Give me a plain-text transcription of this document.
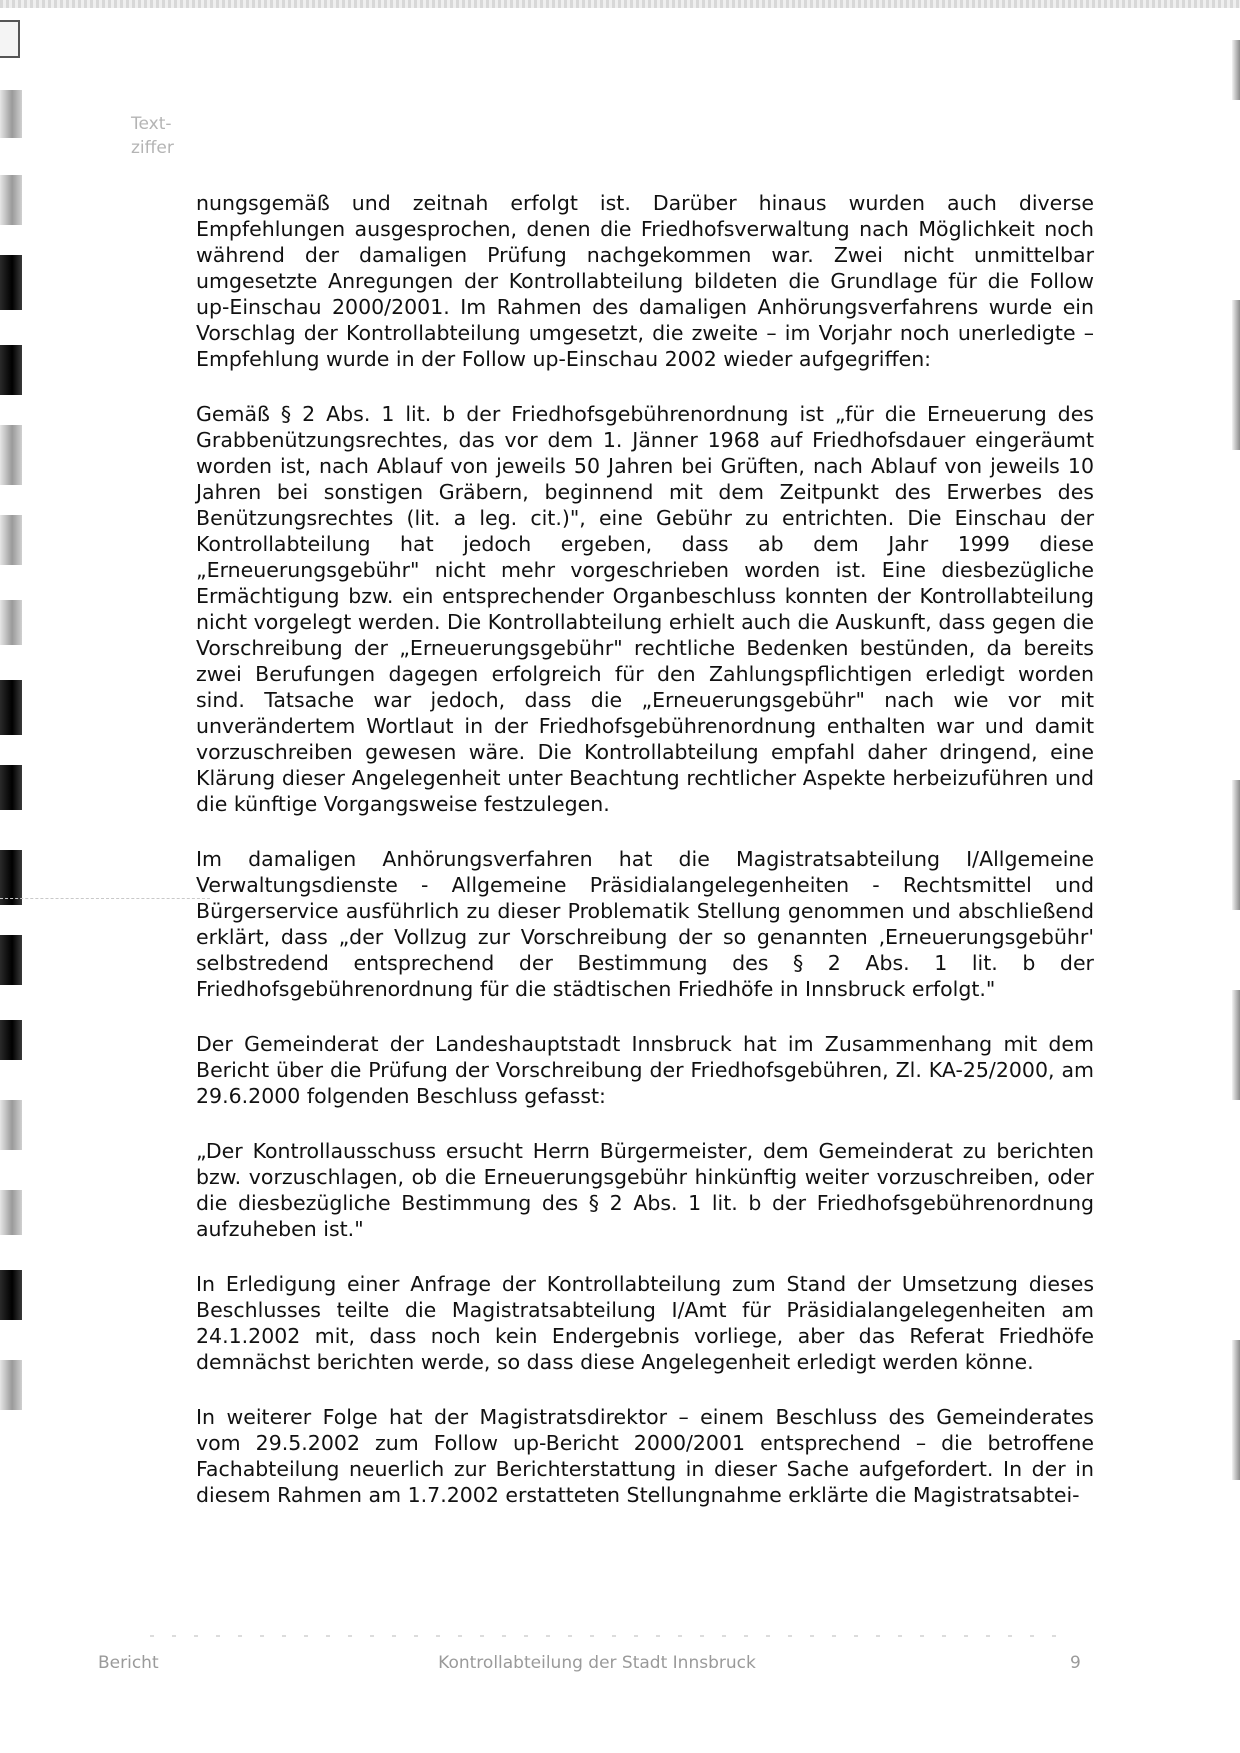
Text-
ziffer

nungsgemäß und zeitnah erfolgt ist. Darüber hinaus wurden auch diverse Empfehlungen ausgesprochen, denen die Friedhofsverwaltung nach Möglichkeit noch während der damaligen Prüfung nachgekommen war. Zwei nicht unmittelbar umgesetzte Anregungen der Kontrollabteilung bildeten die Grundlage für die Follow up-Einschau 2000/2001. Im Rahmen des damaligen Anhörungsverfahrens wurde ein Vorschlag der Kontrollabteilung umgesetzt, die zweite – im Vorjahr noch unerledigte – Empfehlung wurde in der Follow up-Einschau 2002 wieder aufgegriffen:

Gemäß § 2 Abs. 1 lit. b der Friedhofsgebührenordnung ist „für die Erneuerung des Grabbenützungsrechtes, das vor dem 1. Jänner 1968 auf Friedhofsdauer eingeräumt worden ist, nach Ablauf von jeweils 50 Jahren bei Grüften, nach Ablauf von jeweils 10 Jahren bei sonstigen Gräbern, beginnend mit dem Zeitpunkt des Erwerbes des Benützungsrechtes (lit. a leg. cit.)", eine Gebühr zu entrichten. Die Einschau der Kontrollabteilung hat jedoch ergeben, dass ab dem Jahr 1999 diese „Erneuerungsgebühr" nicht mehr vorgeschrieben worden ist. Eine diesbezügliche Ermächtigung bzw. ein entsprechender Organbeschluss konnten der Kontrollabteilung nicht vorgelegt werden. Die Kontrollabteilung erhielt auch die Auskunft, dass gegen die Vorschreibung der „Erneuerungsgebühr" rechtliche Bedenken bestünden, da bereits zwei Berufungen dagegen erfolgreich für den Zahlungspflichtigen erledigt worden sind. Tatsache war jedoch, dass die „Erneuerungsgebühr" nach wie vor mit unverändertem Wortlaut in der Friedhofsgebührenordnung enthalten war und damit vorzuschreiben gewesen wäre. Die Kontrollabteilung empfahl daher dringend, eine Klärung dieser Angelegenheit unter Beachtung rechtlicher Aspekte herbeizuführen und die künftige Vorgangsweise festzulegen.

Im damaligen Anhörungsverfahren hat die Magistratsabteilung I/Allgemeine Verwaltungsdienste - Allgemeine Präsidialangelegenheiten - Rechtsmittel und Bürgerservice ausführlich zu dieser Problematik Stellung genommen und abschließend erklärt, dass „der Vollzug zur Vorschreibung der so genannten ‚Erneuerungsgebühr' selbstredend entsprechend der Bestimmung des § 2 Abs. 1 lit. b der Friedhofsgebührenordnung für die städtischen Friedhöfe in Innsbruck erfolgt."

Der Gemeinderat der Landeshauptstadt Innsbruck hat im Zusammenhang mit dem Bericht über die Prüfung der Vorschreibung der Friedhofsgebühren, Zl. KA-25/2000, am 29.6.2000 folgenden Beschluss gefasst:

„Der Kontrollausschuss ersucht Herrn Bürgermeister, dem Gemeinderat zu berichten bzw. vorzuschlagen, ob die Erneuerungsgebühr hinkünftig weiter vorzuschreiben, oder die diesbezügliche Bestimmung des § 2 Abs. 1 lit. b der Friedhofsgebührenordnung aufzuheben ist."

In Erledigung einer Anfrage der Kontrollabteilung zum Stand der Umsetzung dieses Beschlusses teilte die Magistratsabteilung I/Amt für Präsidialangelegenheiten am 24.1.2002 mit, dass noch kein Endergebnis vorliege, aber das Referat Friedhöfe demnächst berichten werde, so dass diese Angelegenheit erledigt werden könne.

In weiterer Folge hat der Magistratsdirektor – einem Beschluss des Gemeinderates vom 29.5.2002 zum Follow up-Bericht 2000/2001 entsprechend – die betroffene Fachabteilung neuerlich zur Berichterstattung in dieser Sache aufgefordert. In der in diesem Rahmen am 1.7.2002 erstatteten Stellungnahme erklärte die Magistratsabtei-

Bericht	Kontrollabteilung der Stadt Innsbruck	9
